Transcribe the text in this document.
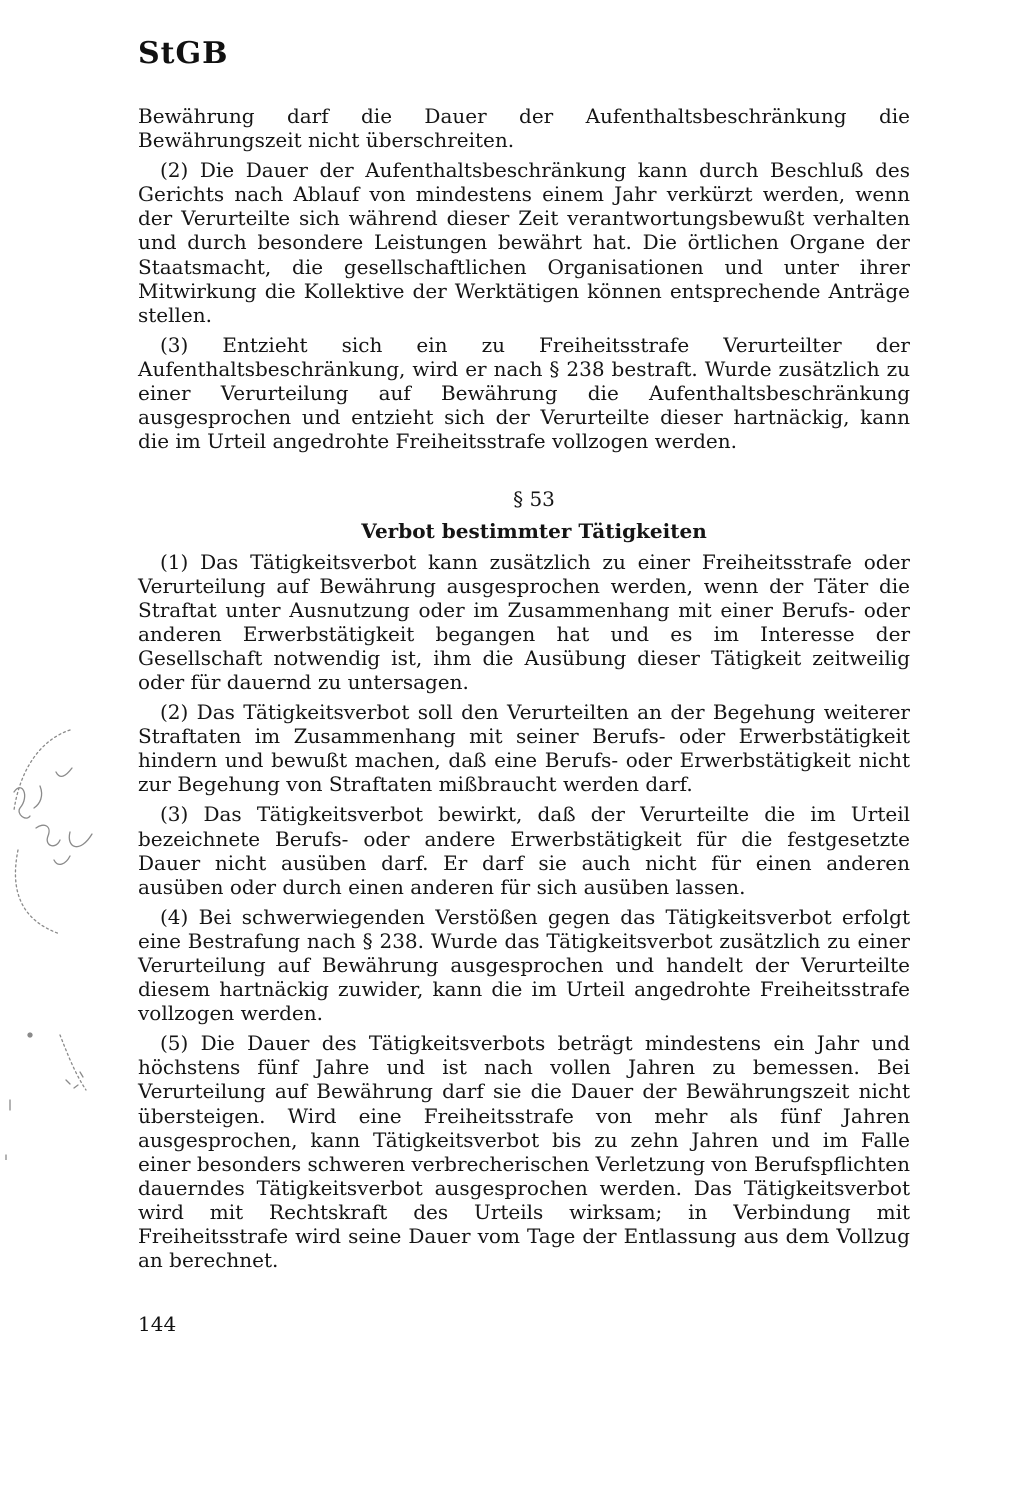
StGB

Bewährung darf die Dauer der Aufenthaltsbeschränkung die Bewährungszeit nicht überschreiten.

(2) Die Dauer der Aufenthaltsbeschränkung kann durch Beschluß des Gerichts nach Ablauf von mindestens einem Jahr verkürzt werden, wenn der Verurteilte sich während dieser Zeit verantwortungsbewußt verhalten und durch besondere Leistungen bewährt hat. Die örtlichen Organe der Staatsmacht, die gesellschaftlichen Organisationen und unter ihrer Mitwirkung die Kollektive der Werktätigen können entsprechende Anträge stellen.

(3) Entzieht sich ein zu Freiheitsstrafe Verurteilter der Aufenthaltsbeschränkung, wird er nach § 238 bestraft. Wurde zusätzlich zu einer Verurteilung auf Bewährung die Aufenthaltsbeschränkung ausgesprochen und entzieht sich der Verurteilte dieser hartnäckig, kann die im Urteil angedrohte Freiheitsstrafe vollzogen werden.

§ 53

Verbot bestimmter Tätigkeiten

(1) Das Tätigkeitsverbot kann zusätzlich zu einer Freiheitsstrafe oder Verurteilung auf Bewährung ausgesprochen werden, wenn der Täter die Straftat unter Ausnutzung oder im Zusammenhang mit einer Berufs- oder anderen Erwerbstätigkeit begangen hat und es im Interesse der Gesellschaft notwendig ist, ihm die Ausübung dieser Tätigkeit zeitweilig oder für dauernd zu untersagen.

(2) Das Tätigkeitsverbot soll den Verurteilten an der Begehung weiterer Straftaten im Zusammenhang mit seiner Berufs- oder Erwerbstätigkeit hindern und bewußt machen, daß eine Berufs- oder Erwerbstätigkeit nicht zur Begehung von Straftaten mißbraucht werden darf.

(3) Das Tätigkeitsverbot bewirkt, daß der Verurteilte die im Urteil bezeichnete Berufs- oder andere Erwerbstätigkeit für die festgesetzte Dauer nicht ausüben darf. Er darf sie auch nicht für einen anderen ausüben oder durch einen anderen für sich ausüben lassen.

(4) Bei schwerwiegenden Verstößen gegen das Tätigkeitsverbot erfolgt eine Bestrafung nach § 238. Wurde das Tätigkeitsverbot zusätzlich zu einer Verurteilung auf Bewährung ausgesprochen und handelt der Verurteilte diesem hartnäckig zuwider, kann die im Urteil angedrohte Freiheitsstrafe vollzogen werden.

(5) Die Dauer des Tätigkeitsverbots beträgt mindestens ein Jahr und höchstens fünf Jahre und ist nach vollen Jahren zu bemessen. Bei Verurteilung auf Bewährung darf sie die Dauer der Bewährungszeit nicht übersteigen. Wird eine Freiheitsstrafe von mehr als fünf Jahren ausgesprochen, kann Tätigkeitsverbot bis zu zehn Jahren und im Falle einer besonders schweren verbrecherischen Verletzung von Berufspflichten dauerndes Tätigkeitsverbot ausgesprochen werden. Das Tätigkeitsverbot wird mit Rechtskraft des Urteils wirksam; in Verbindung mit Freiheitsstrafe wird seine Dauer vom Tage der Entlassung aus dem Vollzug an berechnet.

144
